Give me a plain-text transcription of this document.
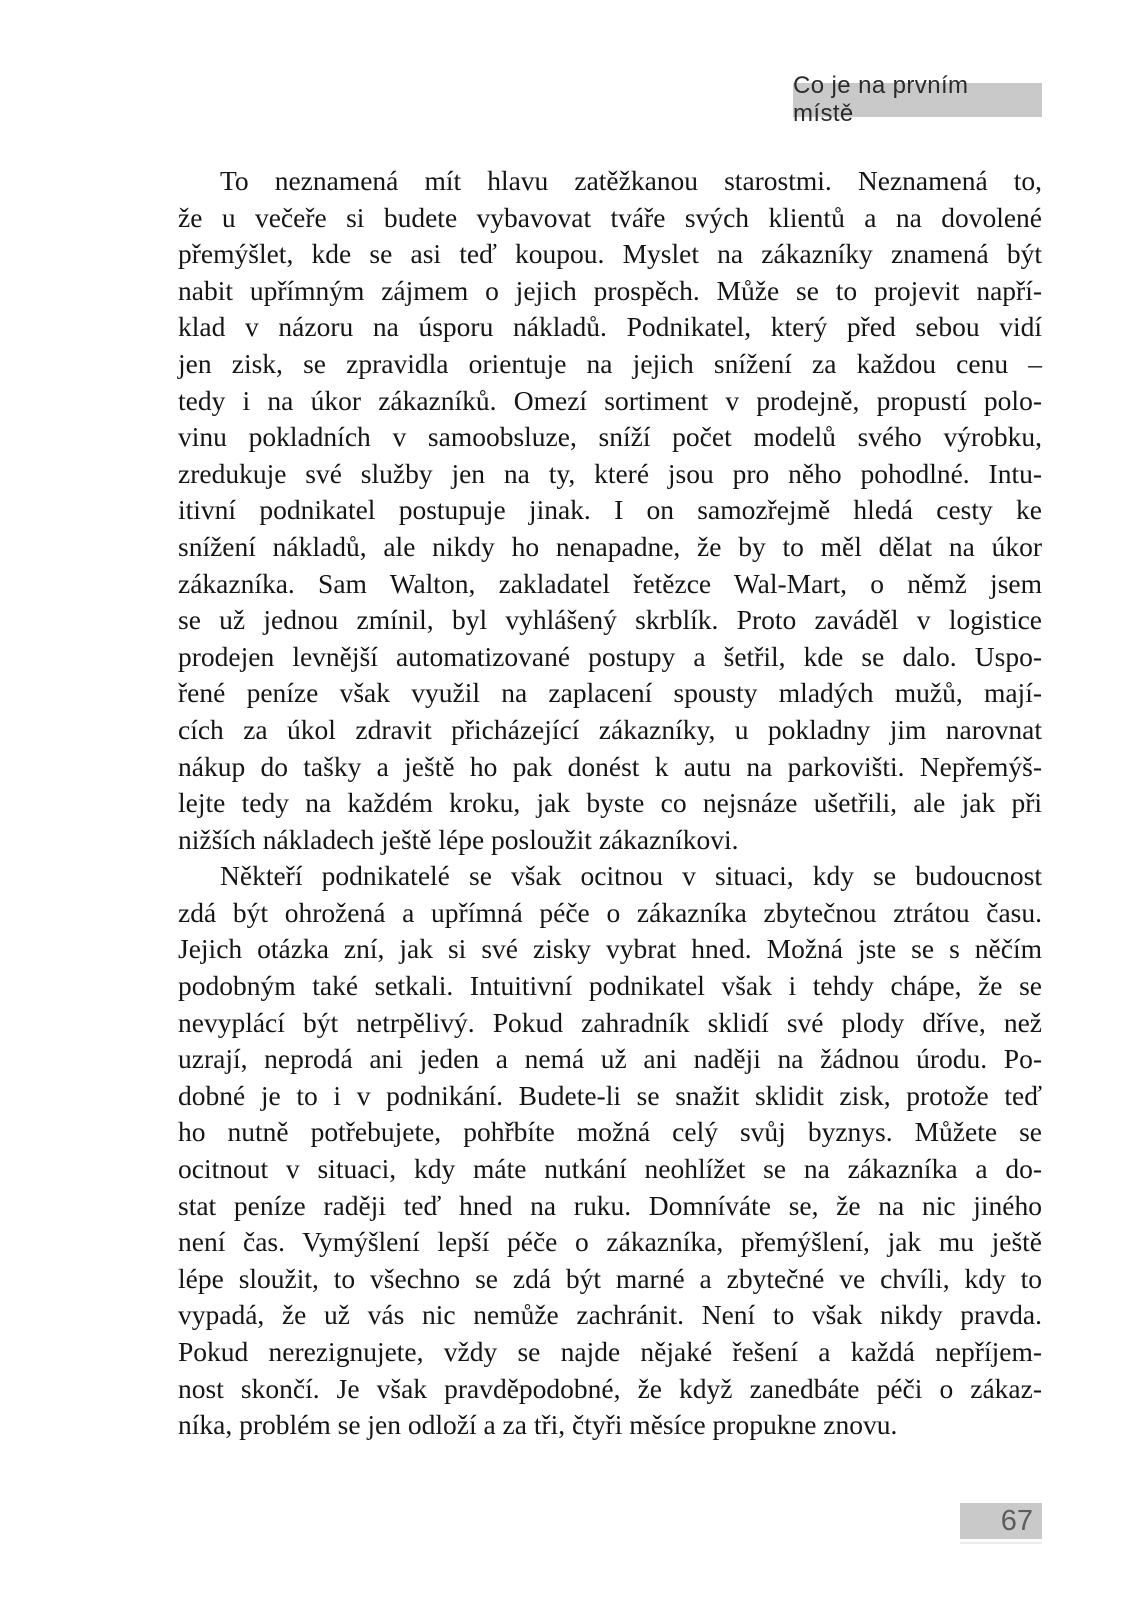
Co je na prvním místě
To neznamená mít hlavu zatěžkanou starostmi. Neznamená to,
že u večeře si budete vybavovat tváře svých klientů a na dovolené
přemýšlet, kde se asi teď koupou. Myslet na zákazníky znamená být
nabit upřímným zájmem o jejich prospěch. Může se to projevit napří-
klad v názoru na úsporu nákladů. Podnikatel, který před sebou vidí
jen zisk, se zpravidla orientuje na jejich snížení za každou cenu –
tedy i na úkor zákazníků. Omezí sortiment v prodejně, propustí polo-
vinu pokladních v samoobsluze, sníží počet modelů svého výrobku,
zredukuje své služby jen na ty, které jsou pro něho pohodlné. Intu-
itivní podnikatel postupuje jinak. I on samozřejmě hledá cesty ke
snížení nákladů, ale nikdy ho nenapadne, že by to měl dělat na úkor
zákazníka. Sam Walton, zakladatel řetězce Wal-Mart, o němž jsem
se už jednou zmínil, byl vyhlášený skrblík. Proto zaváděl v logistice
prodejen levnější automatizované postupy a šetřil, kde se dalo. Uspo-
řené peníze však využil na zaplacení spousty mladých mužů, mají-
cích za úkol zdravit přicházející zákazníky, u pokladny jim narovnat
nákup do tašky a ještě ho pak donést k autu na parkovišti. Nepřemýš-
lejte tedy na každém kroku, jak byste co nejsnáze ušetřili, ale jak při
nižších nákladech ještě lépe posloužit zákazníkovi.
Někteří podnikatelé se však ocitnou v situaci, kdy se budoucnost
zdá být ohrožená a upřímná péče o zákazníka zbytečnou ztrátou času.
Jejich otázka zní, jak si své zisky vybrat hned. Možná jste se s něčím
podobným také setkali. Intuitivní podnikatel však i tehdy chápe, že se
nevyplácí být netrpělivý. Pokud zahradník sklidí své plody dříve, než
uzrají, neprodá ani jeden a nemá už ani naději na žádnou úrodu. Po-
dobné je to i v podnikání. Budete-li se snažit sklidit zisk, protože teď
ho nutně potřebujete, pohřbíte možná celý svůj byznys. Můžete se
ocitnout v situaci, kdy máte nutkání neohlížet se na zákazníka a do-
stat peníze raději teď hned na ruku. Domníváte se, že na nic jiného
není čas. Vymýšlení lepší péče o zákazníka, přemýšlení, jak mu ještě
lépe sloužit, to všechno se zdá být marné a zbytečné ve chvíli, kdy to
vypadá, že už vás nic nemůže zachránit. Není to však nikdy pravda.
Pokud nerezignujete, vždy se najde nějaké řešení a každá nepříjem-
nost skončí. Je však pravděpodobné, že když zanedbáte péči o zákaz-
níka, problém se jen odloží a za tři, čtyři měsíce propukne znovu.
67
